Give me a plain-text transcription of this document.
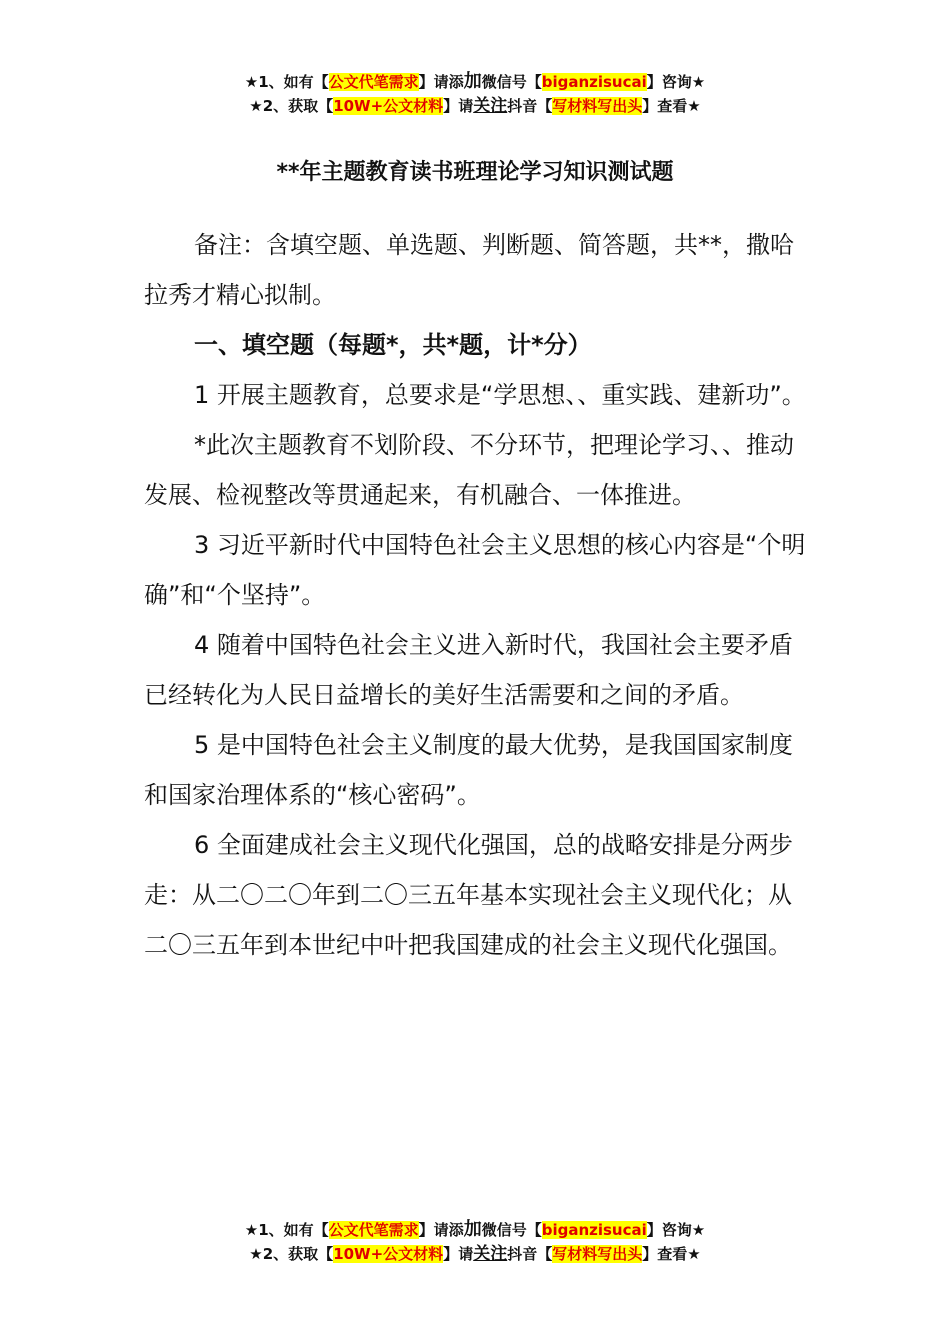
★1、如有【公文代笔需求】请添加微信号【biganzisucai】咨询★
★2、获取【10W+公文材料】请关注抖音【写材料写出头】查看★
**年主题教育读书班理论学习知识测试题

备注：含填空题、单选题、判断题、简答题，共**，撒哈拉秀才精心拟制。

一、填空题（每题*，共*题，计*分）

1 开展主题教育，总要求是“学思想、、重实践、建新功”。

*此次主题教育不划阶段、不分环节，把理论学习、、推动发展、检视整改等贯通起来，有机融合、一体推进。

3 习近平新时代中国特色社会主义思想的核心内容是“个明确”和“个坚持”。

4 随着中国特色社会主义进入新时代，我国社会主要矛盾已经转化为人民日益增长的美好生活需要和之间的矛盾。

5 是中国特色社会主义制度的最大优势，是我国国家制度和国家治理体系的“核心密码”。

6 全面建成社会主义现代化强国，总的战略安排是分两步走：从二〇二〇年到二〇三五年基本实现社会主义现代化；从二〇三五年到本世纪中叶把我国建成的社会主义现代化强国。

★1、如有【公文代笔需求】请添加微信号【biganzisucai】咨询★
★2、获取【10W+公文材料】请关注抖音【写材料写出头】查看★
